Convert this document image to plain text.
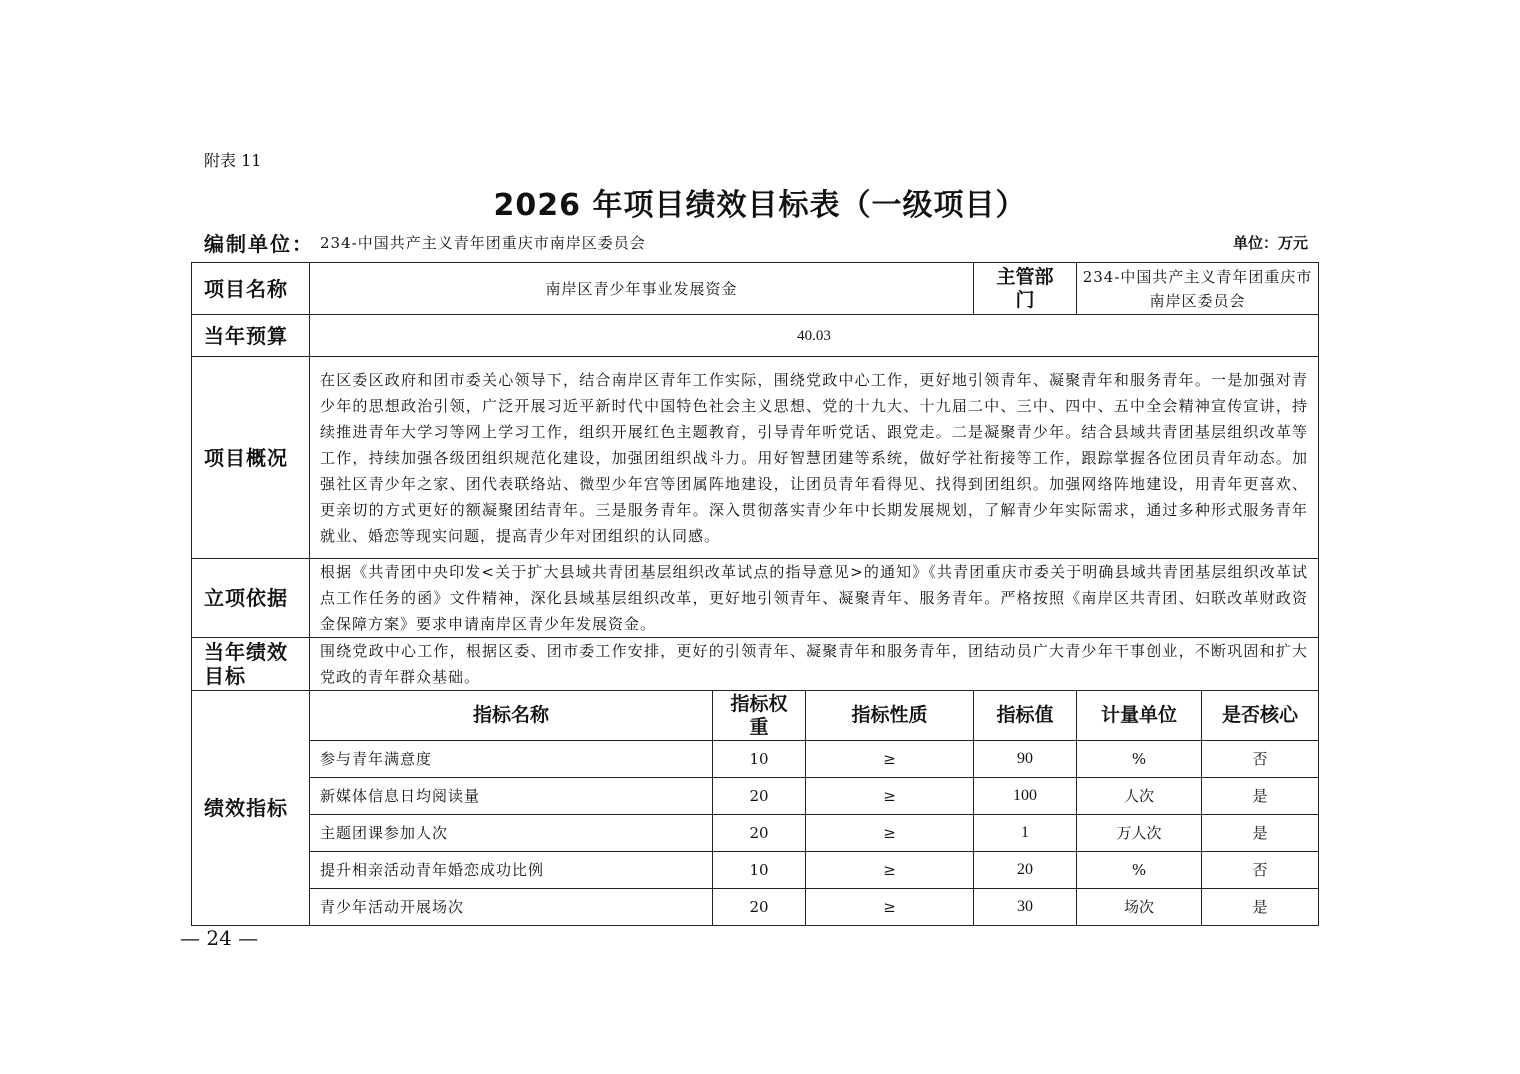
附表 11
2026 年项目绩效目标表（一级项目）
编制单位： 234-中国共产主义青年团重庆市南岸区委员会	单位：万元
项目名称	南岸区青少年事业发展资金			主管部门	234-中国共产主义青年团重庆市南岸区委员会	
当年预算	40.03					
项目概况	在区委区政府和团市委关心领导下，结合南岸区青年工作实际，围绕党政中心工作，更好地引领青年、凝聚青年和服务青年。一是加强对青少年的思想政治引领，广泛开展习近平新时代中国特色社会主义思想、党的十九大、十九届二中、三中、四中、五中全会精神宣传宣讲，持续推进青年大学习等网上学习工作，组织开展红色主题教育，引导青年听党话、跟党走。二是凝聚青少年。结合县域共青团基层组织改革等工作，持续加强各级团组织规范化建设，加强团组织战斗力。用好智慧团建等系统，做好学社衔接等工作，跟踪掌握各位团员青年动态。加强社区青少年之家、团代表联络站、微型少年宫等团属阵地建设，让团员青年看得见、找得到团组织。加强网络阵地建设，用青年更喜欢、更亲切的方式更好的额凝聚团结青年。三是服务青年。深入贯彻落实青少年中长期发展规划，了解青少年实际需求，通过多种形式服务青年就业、婚恋等现实问题，提高青少年对团组织的认同感。					
立项依据	根据《共青团中央印发<关于扩大县域共青团基层组织改革试点的指导意见>的通知》《共青团重庆市委关于明确县域共青团基层组织改革试点工作任务的函》文件精神，深化县域基层组织改革，更好地引领青年、凝聚青年、服务青年。严格按照《南岸区共青团、妇联改革财政资金保障方案》要求申请南岸区青少年发展资金。					
当年绩效目标	围绕党政中心工作，根据区委、团市委工作安排，更好的引领青年、凝聚青年和服务青年，团结动员广大青少年干事创业，不断巩固和扩大党政的青年群众基础。					
绩效指标	指标名称	指标权重	指标性质	指标值	计量单位	是否核心
	参与青年满意度	10	≥	90	%	否
	新媒体信息日均阅读量	20	≥	100	人次	是
	主题团课参加人次	20	≥	1	万人次	是
	提升相亲活动青年婚恋成功比例	10	≥	20	%	否
	青少年活动开展场次	20	≥	30	场次	是
— 24 —
